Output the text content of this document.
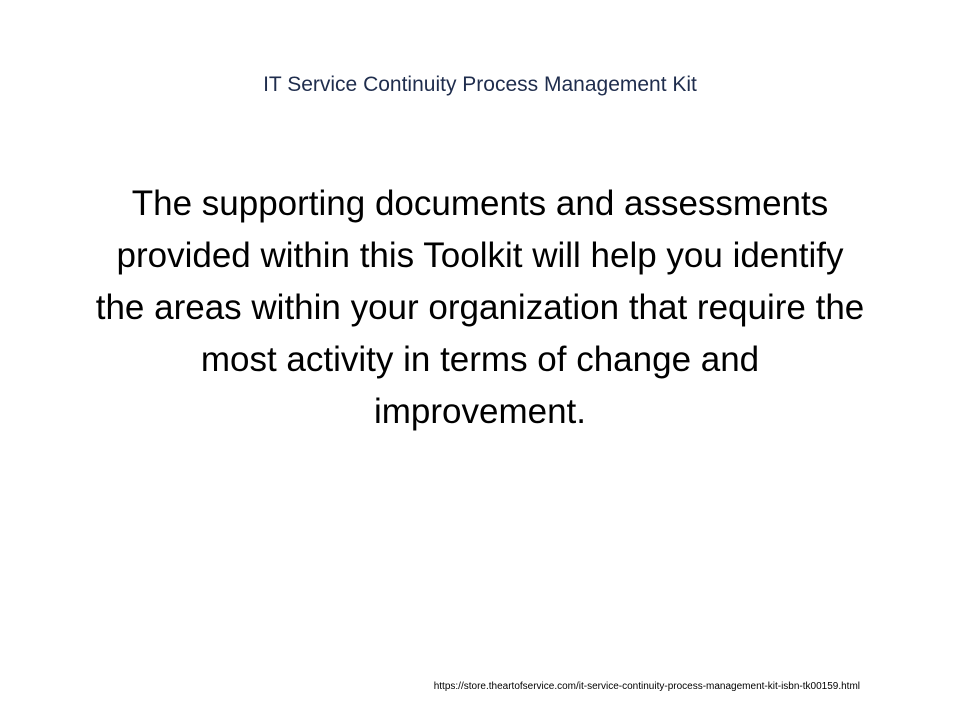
IT Service Continuity Process Management Kit

The supporting documents and assessments provided within this Toolkit will help you identify the areas within your organization that require the most activity in terms of change and improvement.

https://store.theartofservice.com/it-service-continuity-process-management-kit-isbn-tk00159.html
